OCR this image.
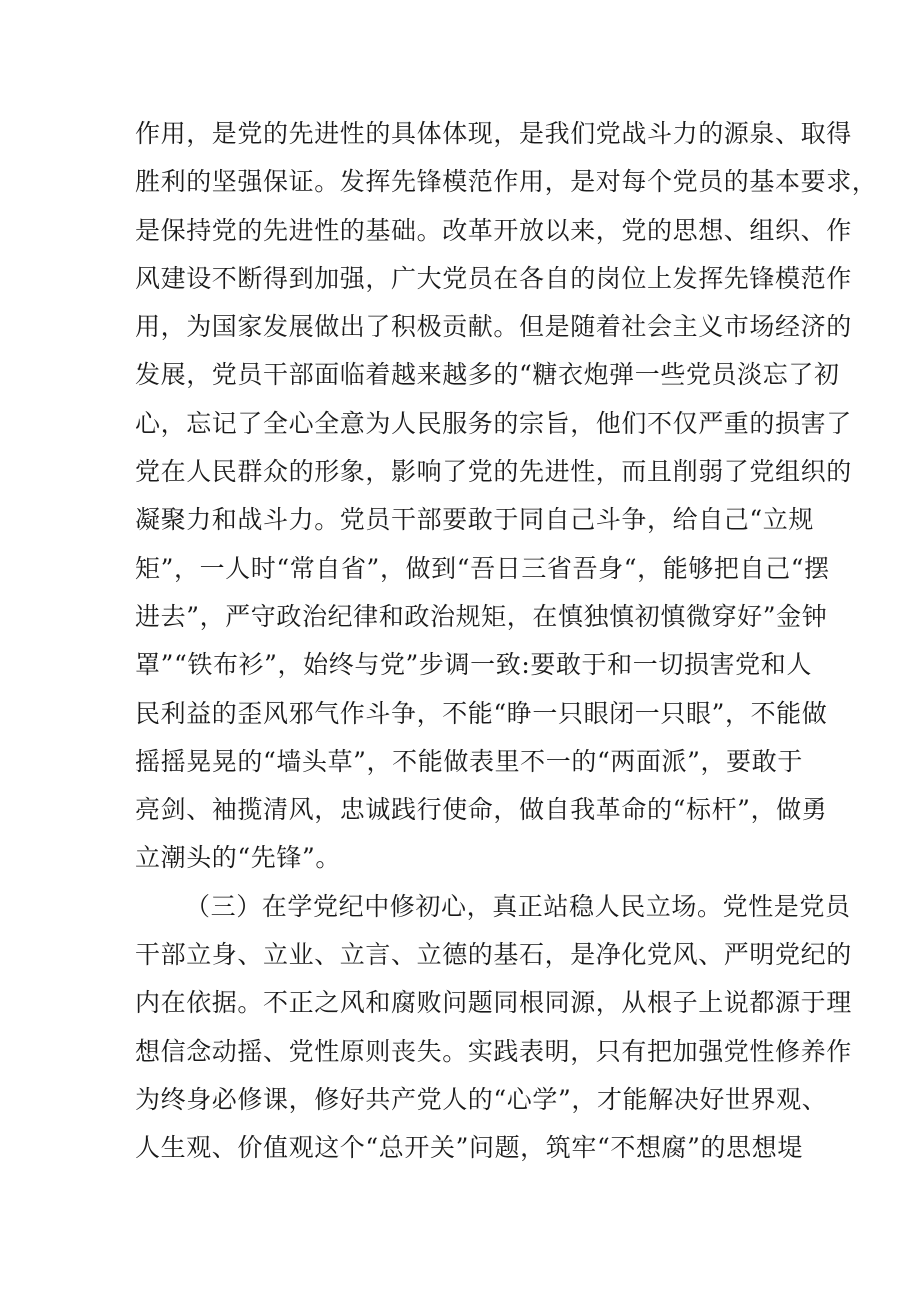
作用，是党的先进性的具体体现，是我们党战斗力的源泉、取得
胜利的坚强保证。发挥先锋模范作用，是对每个党员的基本要求，
是保持党的先进性的基础。改革开放以来，党的思想、组织、作
风建设不断得到加强，广大党员在各自的岗位上发挥先锋模范作
用，为国家发展做出了积极贡献。但是随着社会主义市场经济的
发展，党员干部面临着越来越多的“糖衣炮弹一些党员淡忘了初
心，忘记了全心全意为人民服务的宗旨，他们不仅严重的损害了
党在人民群众的形象，影响了党的先进性，而且削弱了党组织的
凝聚力和战斗力。党员干部要敢于同自己斗争，给自己“立规
矩”，一人时“常自省”，做到“吾日三省吾身“，能够把自己“摆
进去”，严守政治纪律和政治规矩，在慎独慎初慎微穿好”金钟
罩”“铁布衫”，始终与党”步调一致:要敢于和一切损害党和人
民利益的歪风邪气作斗争，不能“睁一只眼闭一只眼”，不能做
摇摇晃晃的“墙头草”，不能做表里不一的“两面派”，要敢于
亮剑、袖揽清风，忠诚践行使命，做自我革命的“标杆”，做勇
立潮头的“先锋”。
（三）在学党纪中修初心，真正站稳人民立场。党性是党员
干部立身、立业、立言、立德的基石，是净化党风、严明党纪的
内在依据。不正之风和腐败问题同根同源，从根子上说都源于理
想信念动摇、党性原则丧失。实践表明，只有把加强党性修养作
为终身必修课，修好共产党人的“心学”，才能解决好世界观、
人生观、价值观这个“总开关”问题，筑牢“不想腐”的思想堤
